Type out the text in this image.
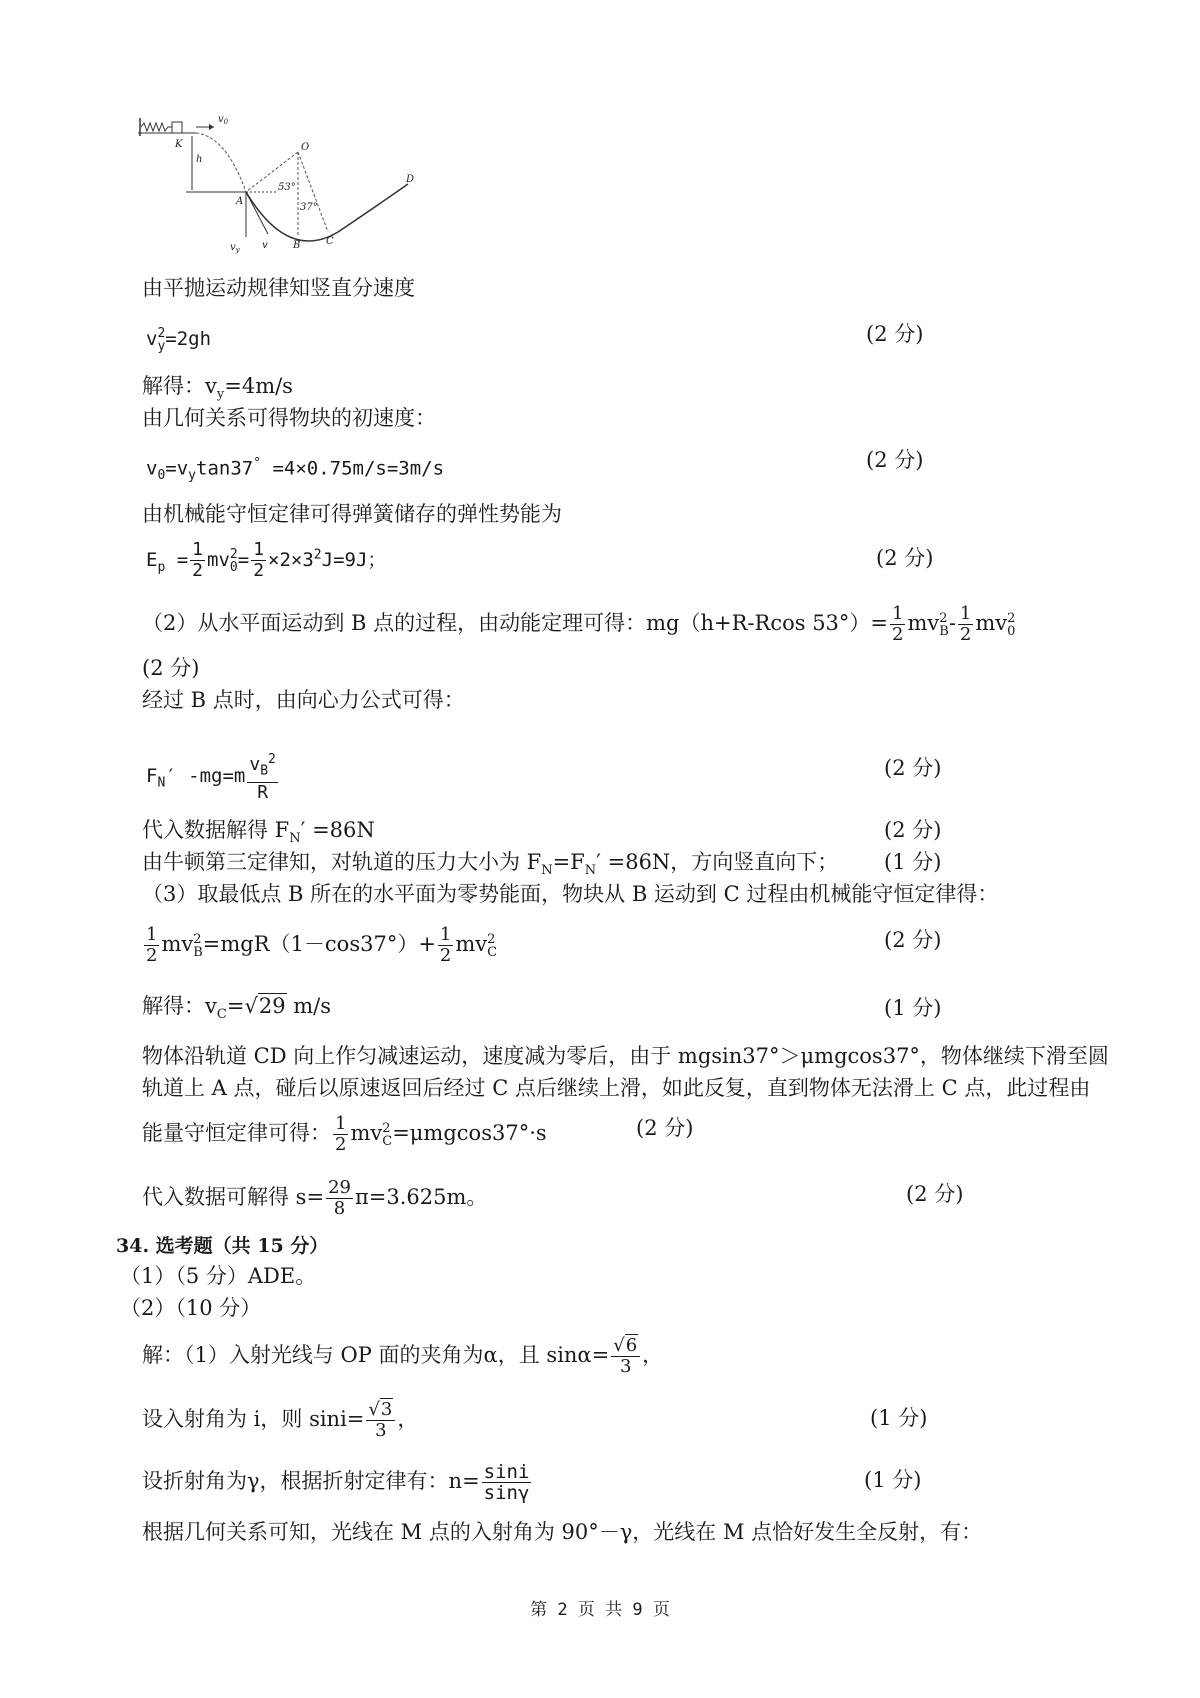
K
h
A
B	C
D
O
$v_0$
$v_y$ v
53°
37°
由平抛运动规律知竖直分速度
v 2
y =2gh	(2 分)
解得：$v_y=4m/s$
由几何关系可得物块的初速度：
$v_0=v_y\tan 37^\circ =4\times 0.75m/s=3m/s$	(2 分)
由机械能守恒定律可得弹簧储存的弹性势能为
$E_p = \frac{1}{2}$ mv 2
$0 = \frac{1}{2} \times 2\times 3^2J=9J$；	(2 分)
（2）从水平面运动到 B 点的过程，由动能定理可得：mg（h+R-Rcos $53^\circ)= \frac{1}{2}$ mv 2
B - $\frac{1}{2}$ mv 2
0
(2 分)
经过 B 点时，由向心力公式可得：
$F_N'$ $-mg=m \frac{v_B^2}{R}$	(2 分)
代入数据解得 $F_N' =86N$	(2 分)
由牛顿第三定律知，对轨道的压力大小为 $F_N=F_N' =86N$，方向竖直向下； (1 分)
（3）取最低点 B 所在的水平面为零势能面，物块从 B 运动到 C 过程由机械能守恒定律得：
$\frac{1}{2}$ mv 2
$B =mgR(1-\cos 37^\circ)+ \frac{1}{2}$ mv 2
C	(2 分)
解得：$v_C=√29$ m/s	(1 分)
物体沿轨道 CD 向上作匀减速运动，速度减为零后，由于 mgsin37°＞μmgcos37°，物体继续下滑至圆
轨道上 A 点，碰后以原速返回后经过 C 点后继续上滑，如此反复，直到物体无法滑上 C 点，此过程由
能量守恒定律可得： $\frac{1}{2}$ mv 2
C =μmgcos37°·s	(2 分)
代入数据可解得 $s= \frac{29}{8} \pi=3.625m$。	(2 分)
34. 选考题（共 15 分）
（1）（5 分）ADE。
（2）（10 分）
解：（1）入射光线与 OP 面的夹角为α，且 $\sin\alpha= \frac{√6}{3}$ ，
设入射角为 i，则 $\sin i= \frac{√3}{3}$ ，	(1 分)
设折射角为γ，根据折射定律有：$n= \frac{\sin i}{\sin\gamma}$	(1 分)
根据几何关系可知，光线在 M 点的入射角为 90°－γ，光线在 M 点恰好发生全反射，有：
第 2 页 共 9 页
